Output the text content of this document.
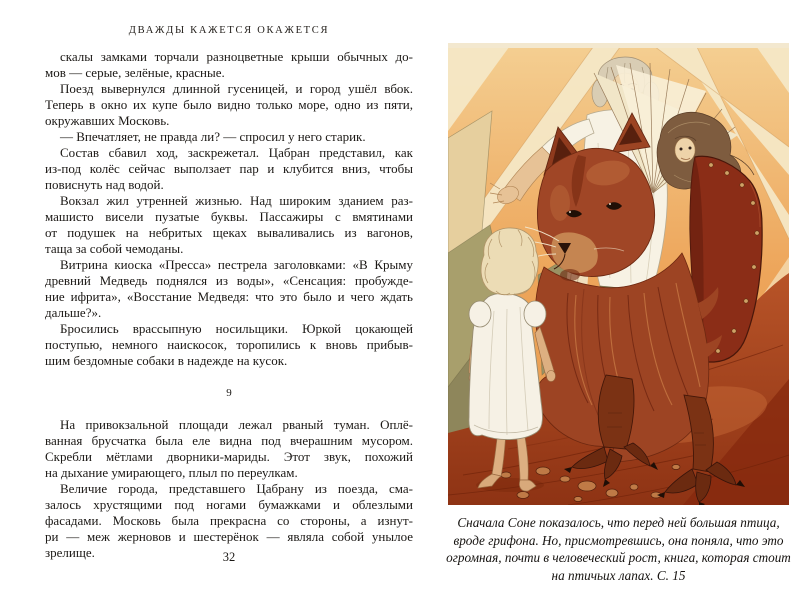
ДВАЖДЫ КАЖЕТСЯ ОКАЖЕТСЯ
скалы замками торчали разноцветные крыши обычных до-
мов — серые, зелёные, красные.
Поезд вывернулся длинной гусеницей, и город ушёл вбок.
Теперь в окно их купе было видно только море, одно из пяти,
окружавших Московь.
— Впечатляет, не правда ли? — спросил у него старик.
Состав сбавил ход, заскрежетал. Цабран представил, как
из-под колёс сейчас выползает пар и клубится вниз, чтобы
повиснуть над водой.
Вокзал жил утренней жизнью. Над широким зданием раз-
машисто висели пузатые буквы. Пассажиры с вмятинами
от подушек на небритых щеках вываливались из вагонов,
таща за собой чемоданы.
Витрина киоска «Пресса» пестрела заголовками: «В Крыму
древний Медведь поднялся из воды», «Сенсация: пробужде-
ние ифрита», «Восстание Медведя: что это было и чего ждать
дальше?».
Бросились врассыпную носильщики. Юркой цокающей
поступью, немного наискосок, торопились к вновь прибыв-
шим бездомные собаки в надежде на кусок.
9
На привокзальной площади лежал рваный туман. Оплё-
ванная брусчатка была еле видна под вчерашним мусором.
Скребли мётлами дворники-мариды. Этот звук, похожий
на дыхание умирающего, плыл по переулкам.
Величие города, представшего Цабрану из поезда, сма-
залось хрустящими под ногами бумажками и облезлыми
фасадами. Московь была прекрасна со стороны, а изнут-
ри — меж жерновов и шестерёнок — являла собой унылое
зрелище.	32
Сначала Соне показалось, что перед ней большая птица,
вроде грифона. Но, присмотревшись, она поняла, что это
огромная, почти в человеческий рост, книга, которая стоит
на птичьих лапах. С. 15
